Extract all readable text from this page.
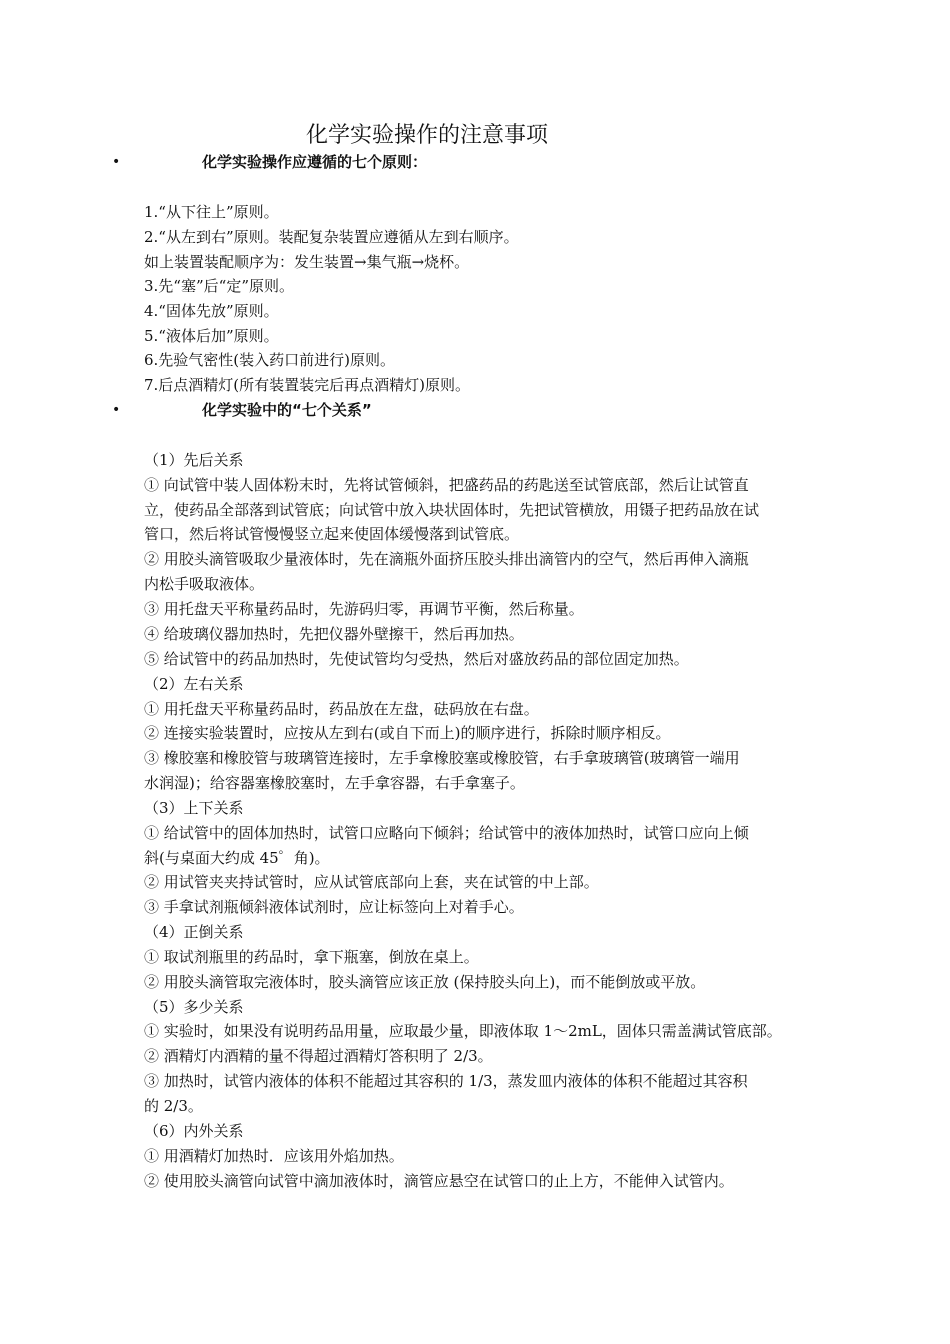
化学实验操作的注意事项
•	化学实验操作应遵循的七个原则：
1.“从下往上”原则。
2.“从左到右”原则。装配复杂装置应遵循从左到右顺序。
如上装置装配顺序为：发生装置→集气瓶→烧杯。
3.先“塞”后“定”原则。
4.“固体先放”原则。
5.“液体后加”原则。
6.先验气密性(装入药口前进行)原则。
7.后点酒精灯(所有装置装完后再点酒精灯)原则。
•	化学实验中的“七个关系”
（1）先后关系
① 向试管中装人固体粉末时，先将试管倾斜，把盛药品的药匙送至试管底部，然后让试管直
立，使药品全部落到试管底；向试管中放入块状固体时，先把试管横放，用镊子把药品放在试
管口，然后将试管慢慢竖立起来使固体缓慢落到试管底。
② 用胶头滴管吸取少量液体时，先在滴瓶外面挤压胶头排出滴管内的空气，然后再伸入滴瓶
内松手吸取液体。
③ 用托盘天平称量药品时，先游码归零，再调节平衡，然后称量。
④ 给玻璃仪器加热时，先把仪器外壁擦干，然后再加热。
⑤ 给试管中的药品加热时，先使试管均匀受热，然后对盛放药品的部位固定加热。
（2）左右关系
① 用托盘天平称量药品时，药品放在左盘，砝码放在右盘。
② 连接实验装置时，应按从左到右(或自下而上)的顺序进行，拆除时顺序相反。
③ 橡胶塞和橡胶管与玻璃管连接时，左手拿橡胶塞或橡胶管，右手拿玻璃管(玻璃管一端用
水润湿)；给容器塞橡胶塞时，左手拿容器，右手拿塞子。
（3）上下关系
① 给试管中的固体加热时，试管口应略向下倾斜；给试管中的液体加热时，试管口应向上倾
斜(与桌面大约成 45゜角)。
② 用试管夹夹持试管时，应从试管底部向上套，夹在试管的中上部。
③ 手拿试剂瓶倾斜液体试剂时，应让标签向上对着手心。
（4）正倒关系
① 取试剂瓶里的药品时，拿下瓶塞，倒放在桌上。
② 用胶头滴管取完液体时，胶头滴管应该正放 (保持胶头向上)，而不能倒放或平放。
（5）多少关系
① 实验时，如果没有说明药品用量，应取最少量，即液体取 1～2mL，固体只需盖满试管底部。
② 酒精灯内酒精的量不得超过酒精灯答积明了 2/3。
③ 加热时，试管内液体的体积不能超过其容积的 1/3，蒸发皿内液体的体积不能超过其容积
的 2/3。
（6）内外关系
① 用酒精灯加热时．应该用外焰加热。
② 使用胶头滴管向试管中滴加液体时，滴管应悬空在试管口的止上方，不能伸入试管内。
